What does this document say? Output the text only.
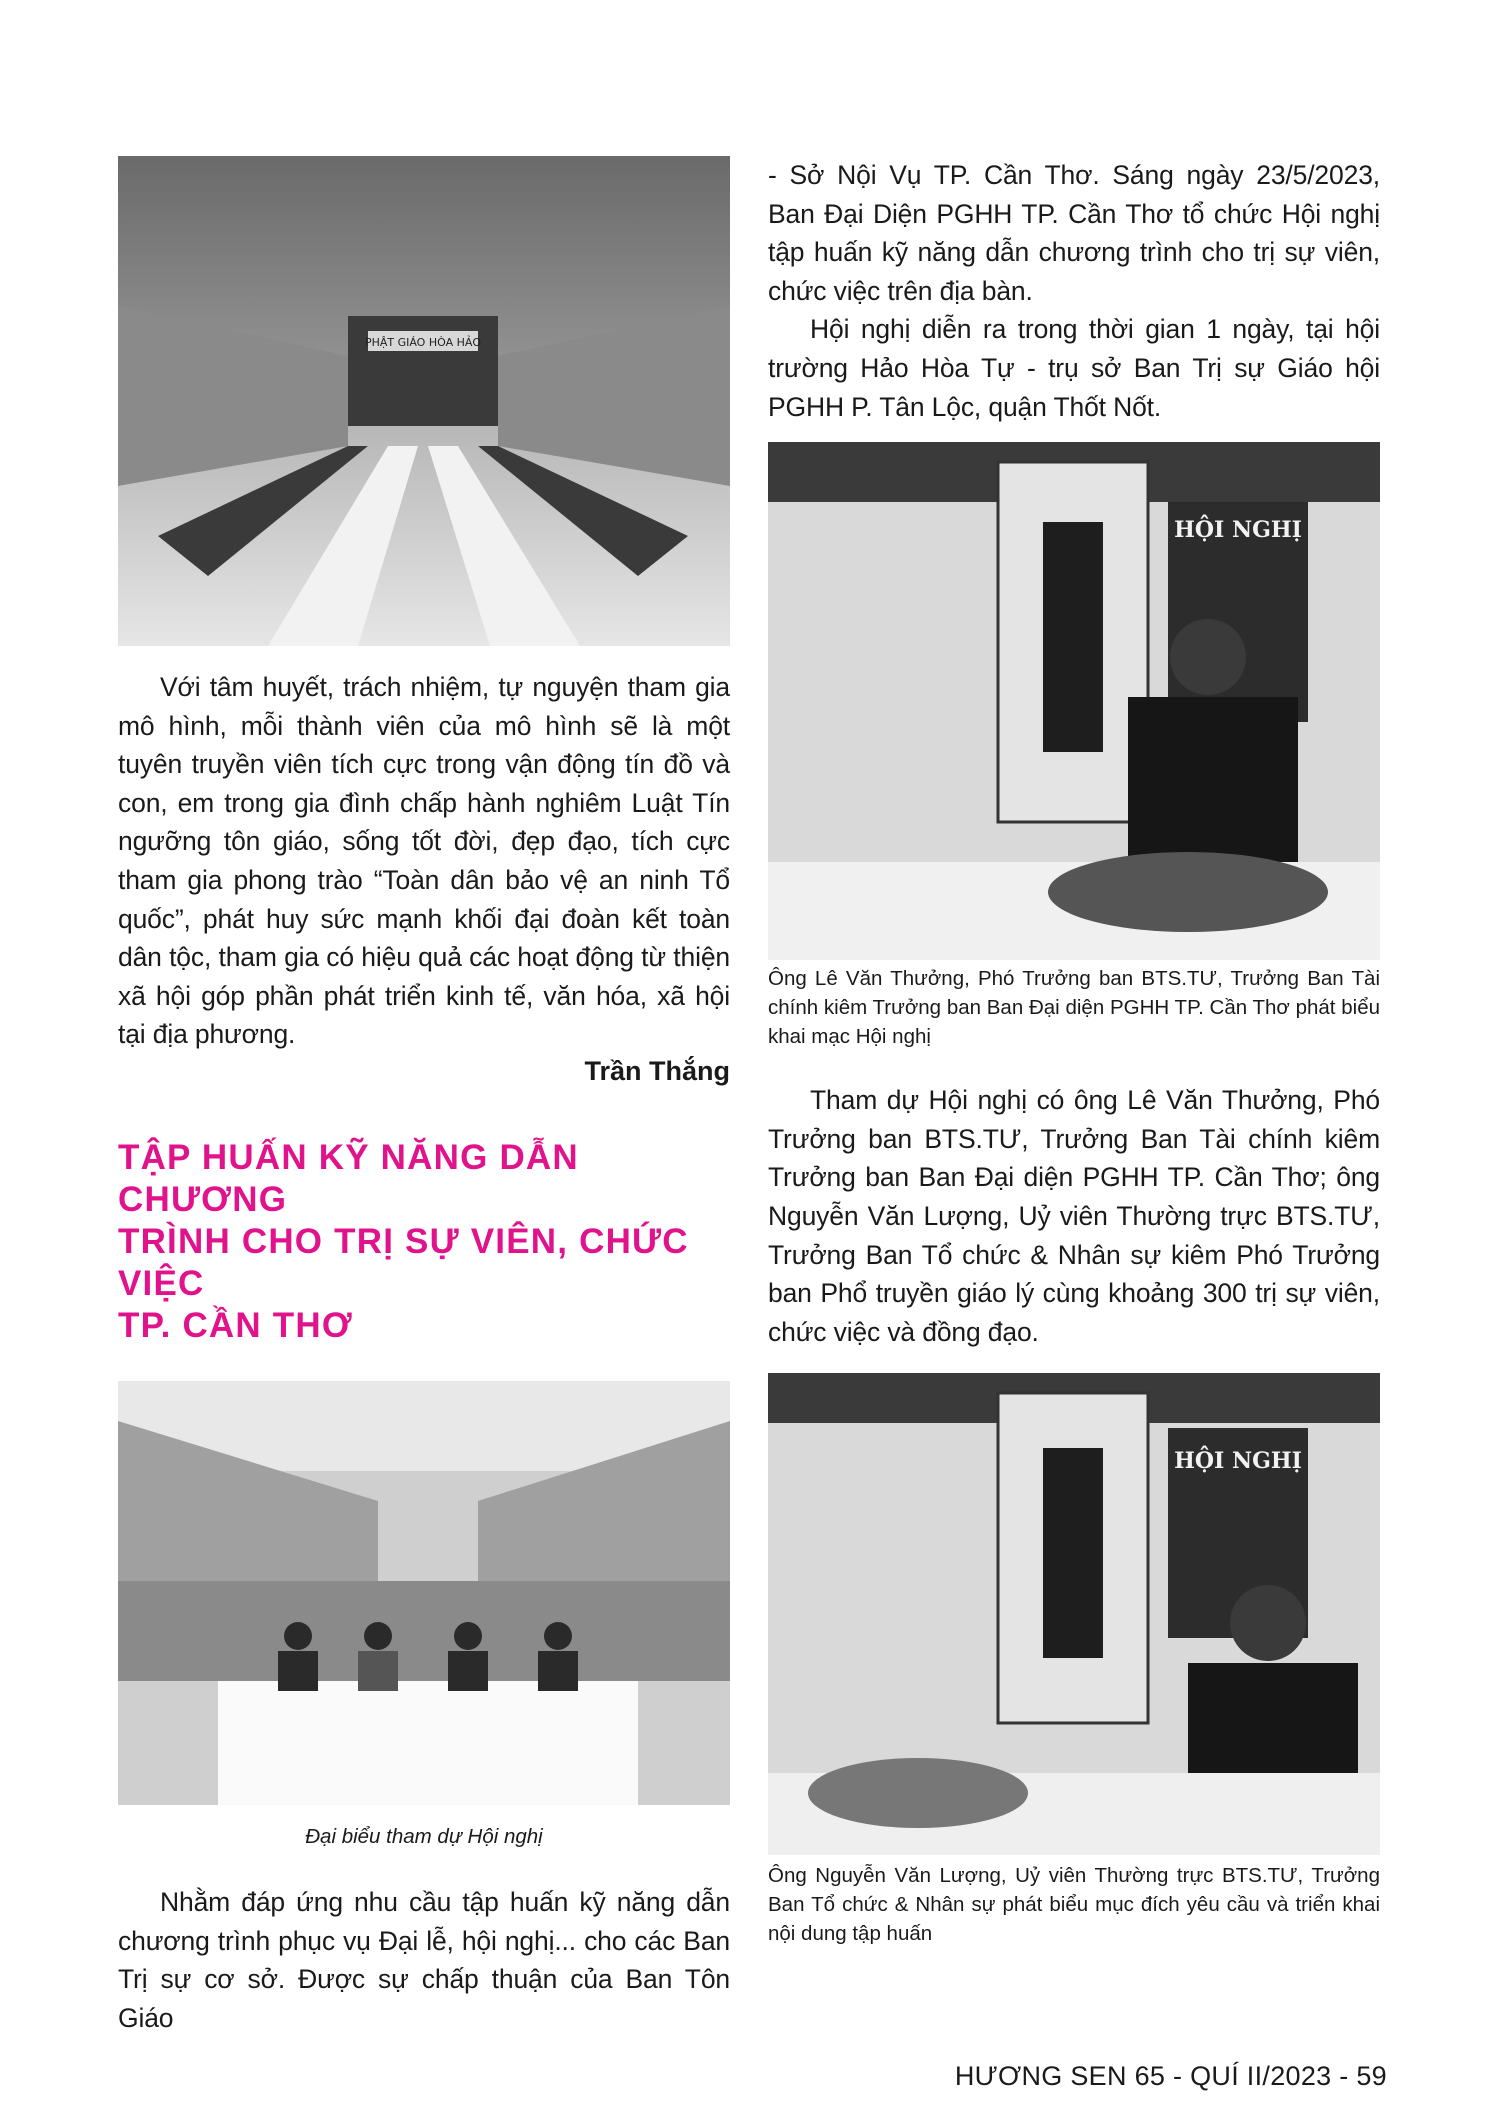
PHẬT GIÁO HÒA HẢO

Với tâm huyết, trách nhiệm, tự nguyện tham gia mô hình, mỗi thành viên của mô hình sẽ là một tuyên truyền viên tích cực trong vận động tín đồ và con, em trong gia đình chấp hành nghiêm Luật Tín ngưỡng tôn giáo, sống tốt đời, đẹp đạo, tích cực tham gia phong trào “Toàn dân bảo vệ an ninh Tổ quốc”, phát huy sức mạnh khối đại đoàn kết toàn dân tộc, tham gia có hiệu quả các hoạt động từ thiện xã hội góp phần phát triển kinh tế, văn hóa, xã hội tại địa phương.

Trần Thắng

TẬP HUẤN KỸ NĂNG DẪN CHƯƠNG

TRÌNH CHO TRỊ SỰ VIÊN, CHỨC VIỆC

TP. CẦN THƠ

Đại biểu tham dự Hội nghị

Nhằm đáp ứng nhu cầu tập huấn kỹ năng dẫn chương trình phục vụ Đại lễ, hội nghị... cho các Ban Trị sự cơ sở. Được sự chấp thuận của Ban Tôn Giáo

- Sở Nội Vụ TP. Cần Thơ. Sáng ngày 23/5/2023, Ban Đại Diện PGHH TP. Cần Thơ tổ chức Hội nghị tập huấn kỹ năng dẫn chương trình cho trị sự viên, chức việc trên địa bàn.

Hội nghị diễn ra trong thời gian 1 ngày, tại hội trường Hảo Hòa Tự - trụ sở Ban Trị sự Giáo hội PGHH P. Tân Lộc, quận Thốt Nốt.

HỘI NGHỊ

Ông Lê Văn Thưởng, Phó Trưởng ban BTS.TƯ, Trưởng Ban Tài chính kiêm Trưởng ban Ban Đại diện PGHH TP. Cần Thơ phát biểu khai mạc Hội nghị

Tham dự Hội nghị có ông Lê Văn Thưởng, Phó Trưởng ban BTS.TƯ, Trưởng Ban Tài chính kiêm Trưởng ban Ban Đại diện PGHH TP. Cần Thơ; ông Nguyễn Văn Lượng, Uỷ viên Thường trực BTS.TƯ, Trưởng Ban Tổ chức & Nhân sự kiêm Phó Trưởng ban Phổ truyền giáo lý cùng khoảng 300 trị sự viên, chức việc và đồng đạo.

HỘI NGHỊ

Ông Nguyễn Văn Lượng, Uỷ viên Thường trực BTS.TƯ, Trưởng Ban Tổ chức & Nhân sự phát biểu mục đích yêu cầu và triển khai nội dung tập huấn

HƯƠNG SEN 65 - QUÍ II/2023 - 59
